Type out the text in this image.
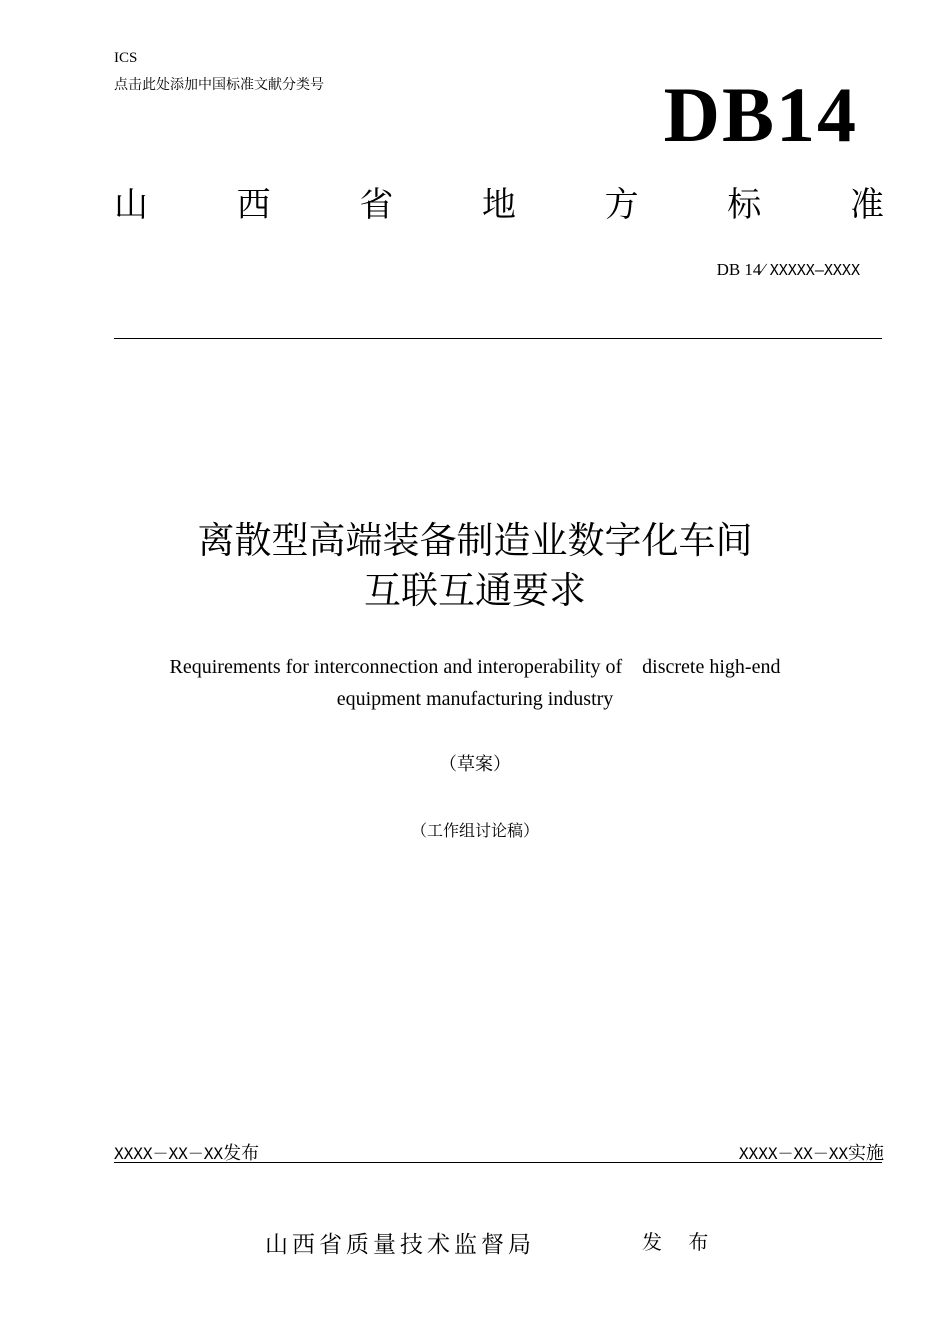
ICS
点击此处添加中国标准文献分类号	DB14
山	西	省	地	方	标	准
DB 14∕ XXXXX—XXXX
离散型高端装备制造业数字化车间
互联互通要求
Requirements for interconnection and interoperability of    discrete high-end
equipment manufacturing industry
（草案）
（工作组讨论稿）
XXXX－XX－XX发布	XXXX－XX－XX实施
山西省质量技术监督局	发 布
